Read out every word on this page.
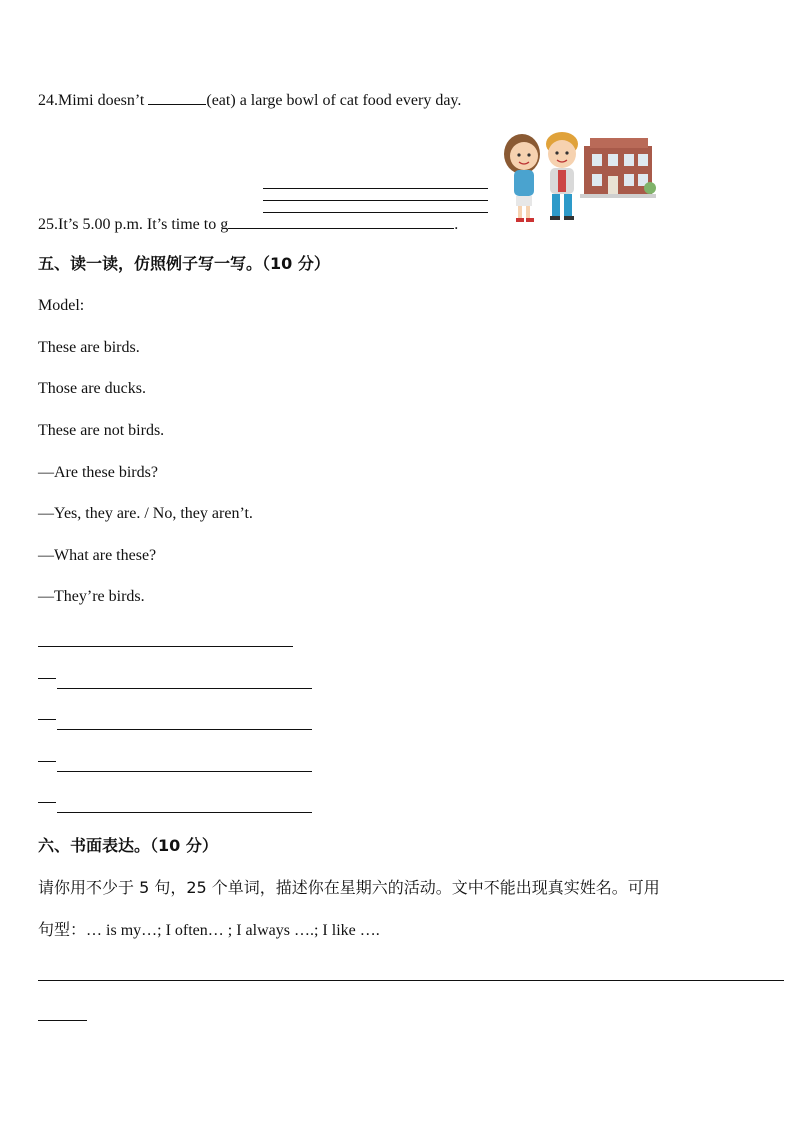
24.Mimi doesn’t	(eat) a large bowl of cat food every day.
25.It’s 5.00 p.m. It’s time to g	.
五、读一读，仿照例子写一写。（10 分）
Model:
These are birds.
Those are ducks.
These are not birds.
—Are these birds?
—Yes, they are. / No, they aren’t.
—What are these?
—They’re birds.
六、书面表达。（10 分）
请你用不少于 5 句，25 个单词，描述你在星期六的活动。文中不能出现真实姓名。可用
句型：… is my…; I often… ; I always ….; I like ….
